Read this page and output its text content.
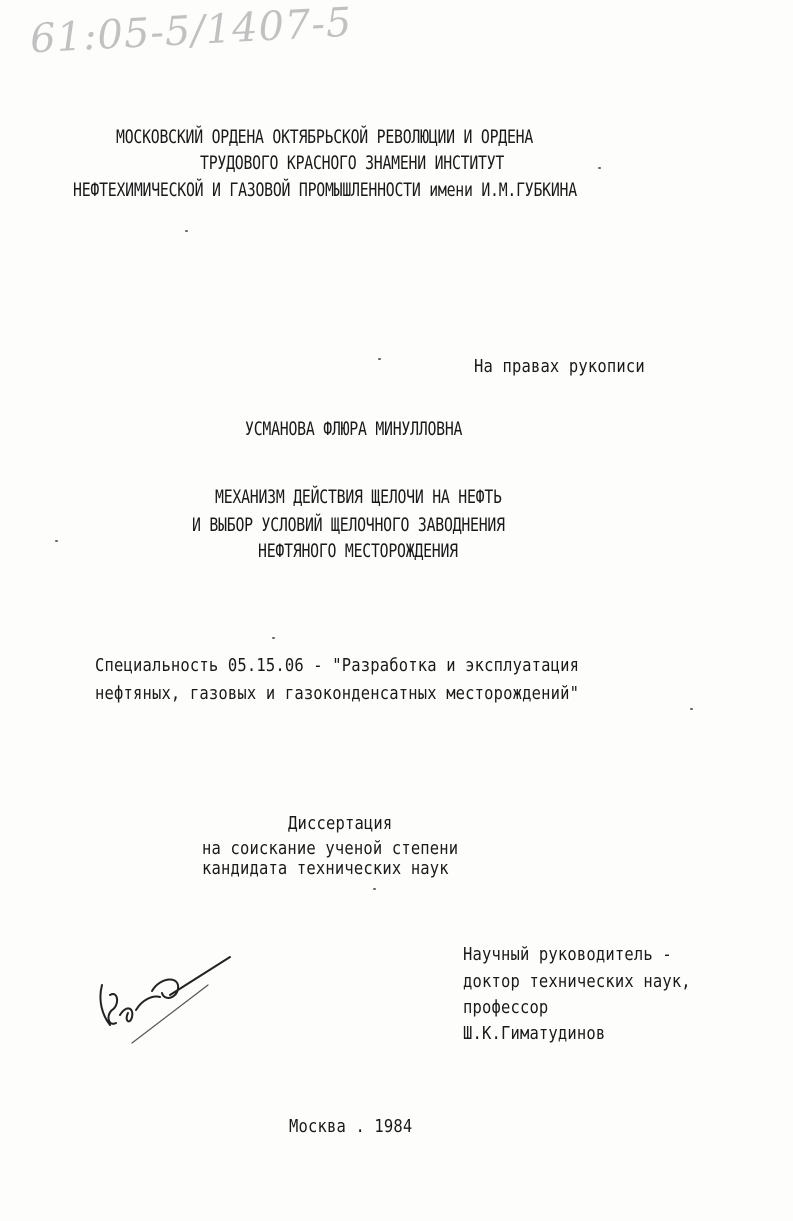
61:05-5/1407-5
МОСКОВСКИЙ ОРДЕНА ОКТЯБРЬСКОЙ РЕВОЛЮЦИИ И ОРДЕНА
ТРУДОВОГО КРАСНОГО ЗНАМЕНИ ИНСТИТУТ
НЕФТЕХИМИЧЕСКОЙ И ГАЗОВОЙ ПРОМЫШЛЕННОСТИ имени И.М.ГУБКИНА
На правах рукописи
УСМАНОВА ФЛЮРА МИНУЛЛОВНА
МЕХАНИЗМ ДЕЙСТВИЯ ЩЕЛОЧИ НА НЕФТЬ
И ВЫБОР УСЛОВИЙ ЩЕЛОЧНОГО ЗАВОДНЕНИЯ
НЕФТЯНОГО МЕСТОРОЖДЕНИЯ
Специальность 05.15.06 - "Разработка и эксплуатация
нефтяных, газовых и газоконденсатных месторождений"
Диссертация
на соискание ученой степени
кандидата технических наук
Научный руководитель -
доктор технических наук,
профессор
Ш.К.Гиматудинов
Москва . 1984
